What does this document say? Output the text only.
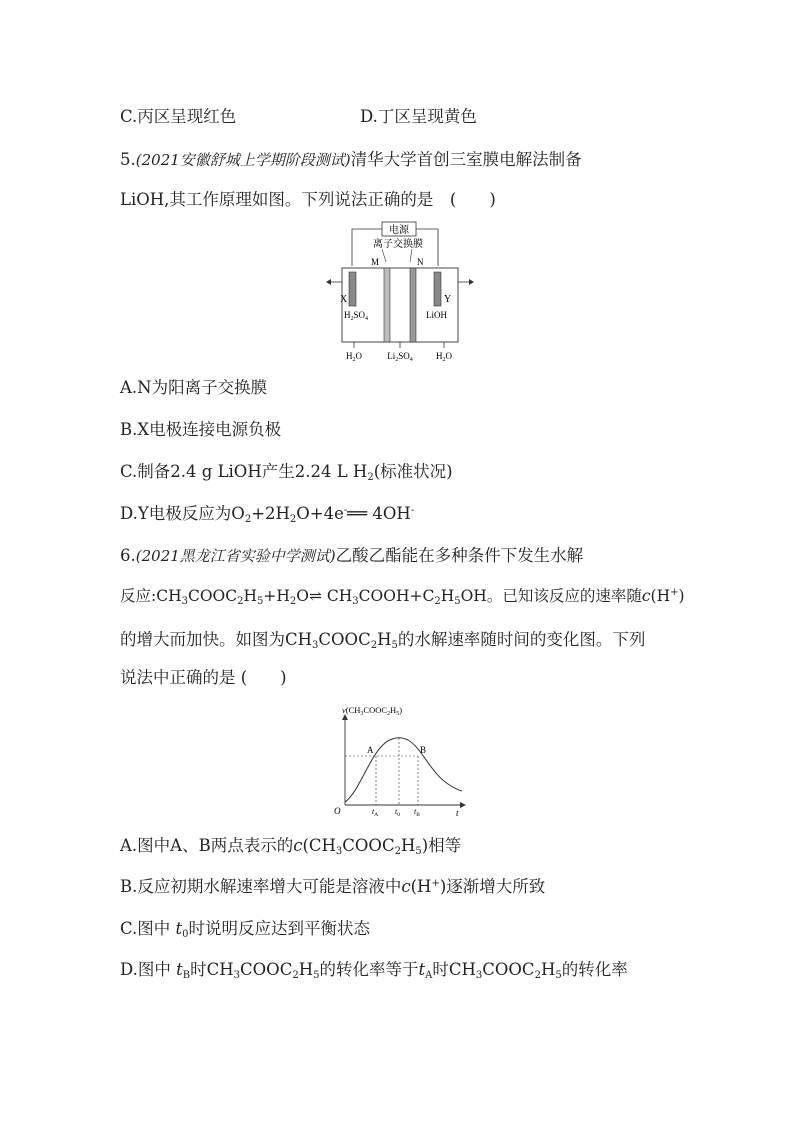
C.丙区呈现红色	D.丁区呈现黄色
5.(2021安徽舒城上学期阶段测试)清华大学首创三室膜电解法制备
LiOH,其工作原理如图。下列说法正确的是　(　　)
电源
离子交换膜
M	N
X	Y
$H_2SO_4$	LiOH
$H_2O$	$Li_2SO_4$	$H_2O$
A.N为阳离子交换膜
B.X电极连接电源负极
C.制备2.4 g LiOH产生2.24 L $H_2$(标准状况)
D.Y电极反应为$O_2+2H_2O+4e^-══$ 4OH-
6.(2021黑龙江省实验中学测试)乙酸乙酯能在多种条件下发生水解
反应$:CH_3COOC_2H_5+H_2O\rightleftharpoons$ $CH_3COOH+C_2H_5OH$。已知该反应的速率随c(H+)
的增大而加快。如图为$CH_3COOC_2H_5$的水解速率随时间的变化图。下列
说法中正确的是 (　　)
$v(CH_3COOC_2H_5)$
O	t
A	B
$t_A$ $t_0$ $t_B$
A.图中A、B两点表示的$c(CH_3COOC_2H_5)$相等
B.反应初期水解速率增大可能是溶液中c(H+)逐渐增大所致
C.图中 $t_0$时说明反应达到平衡状态
D.图中 $t_B$时$CH_3COOC_2H_5$的转化率等于$t_A$时$CH_3COOC_2H_5$的转化率
